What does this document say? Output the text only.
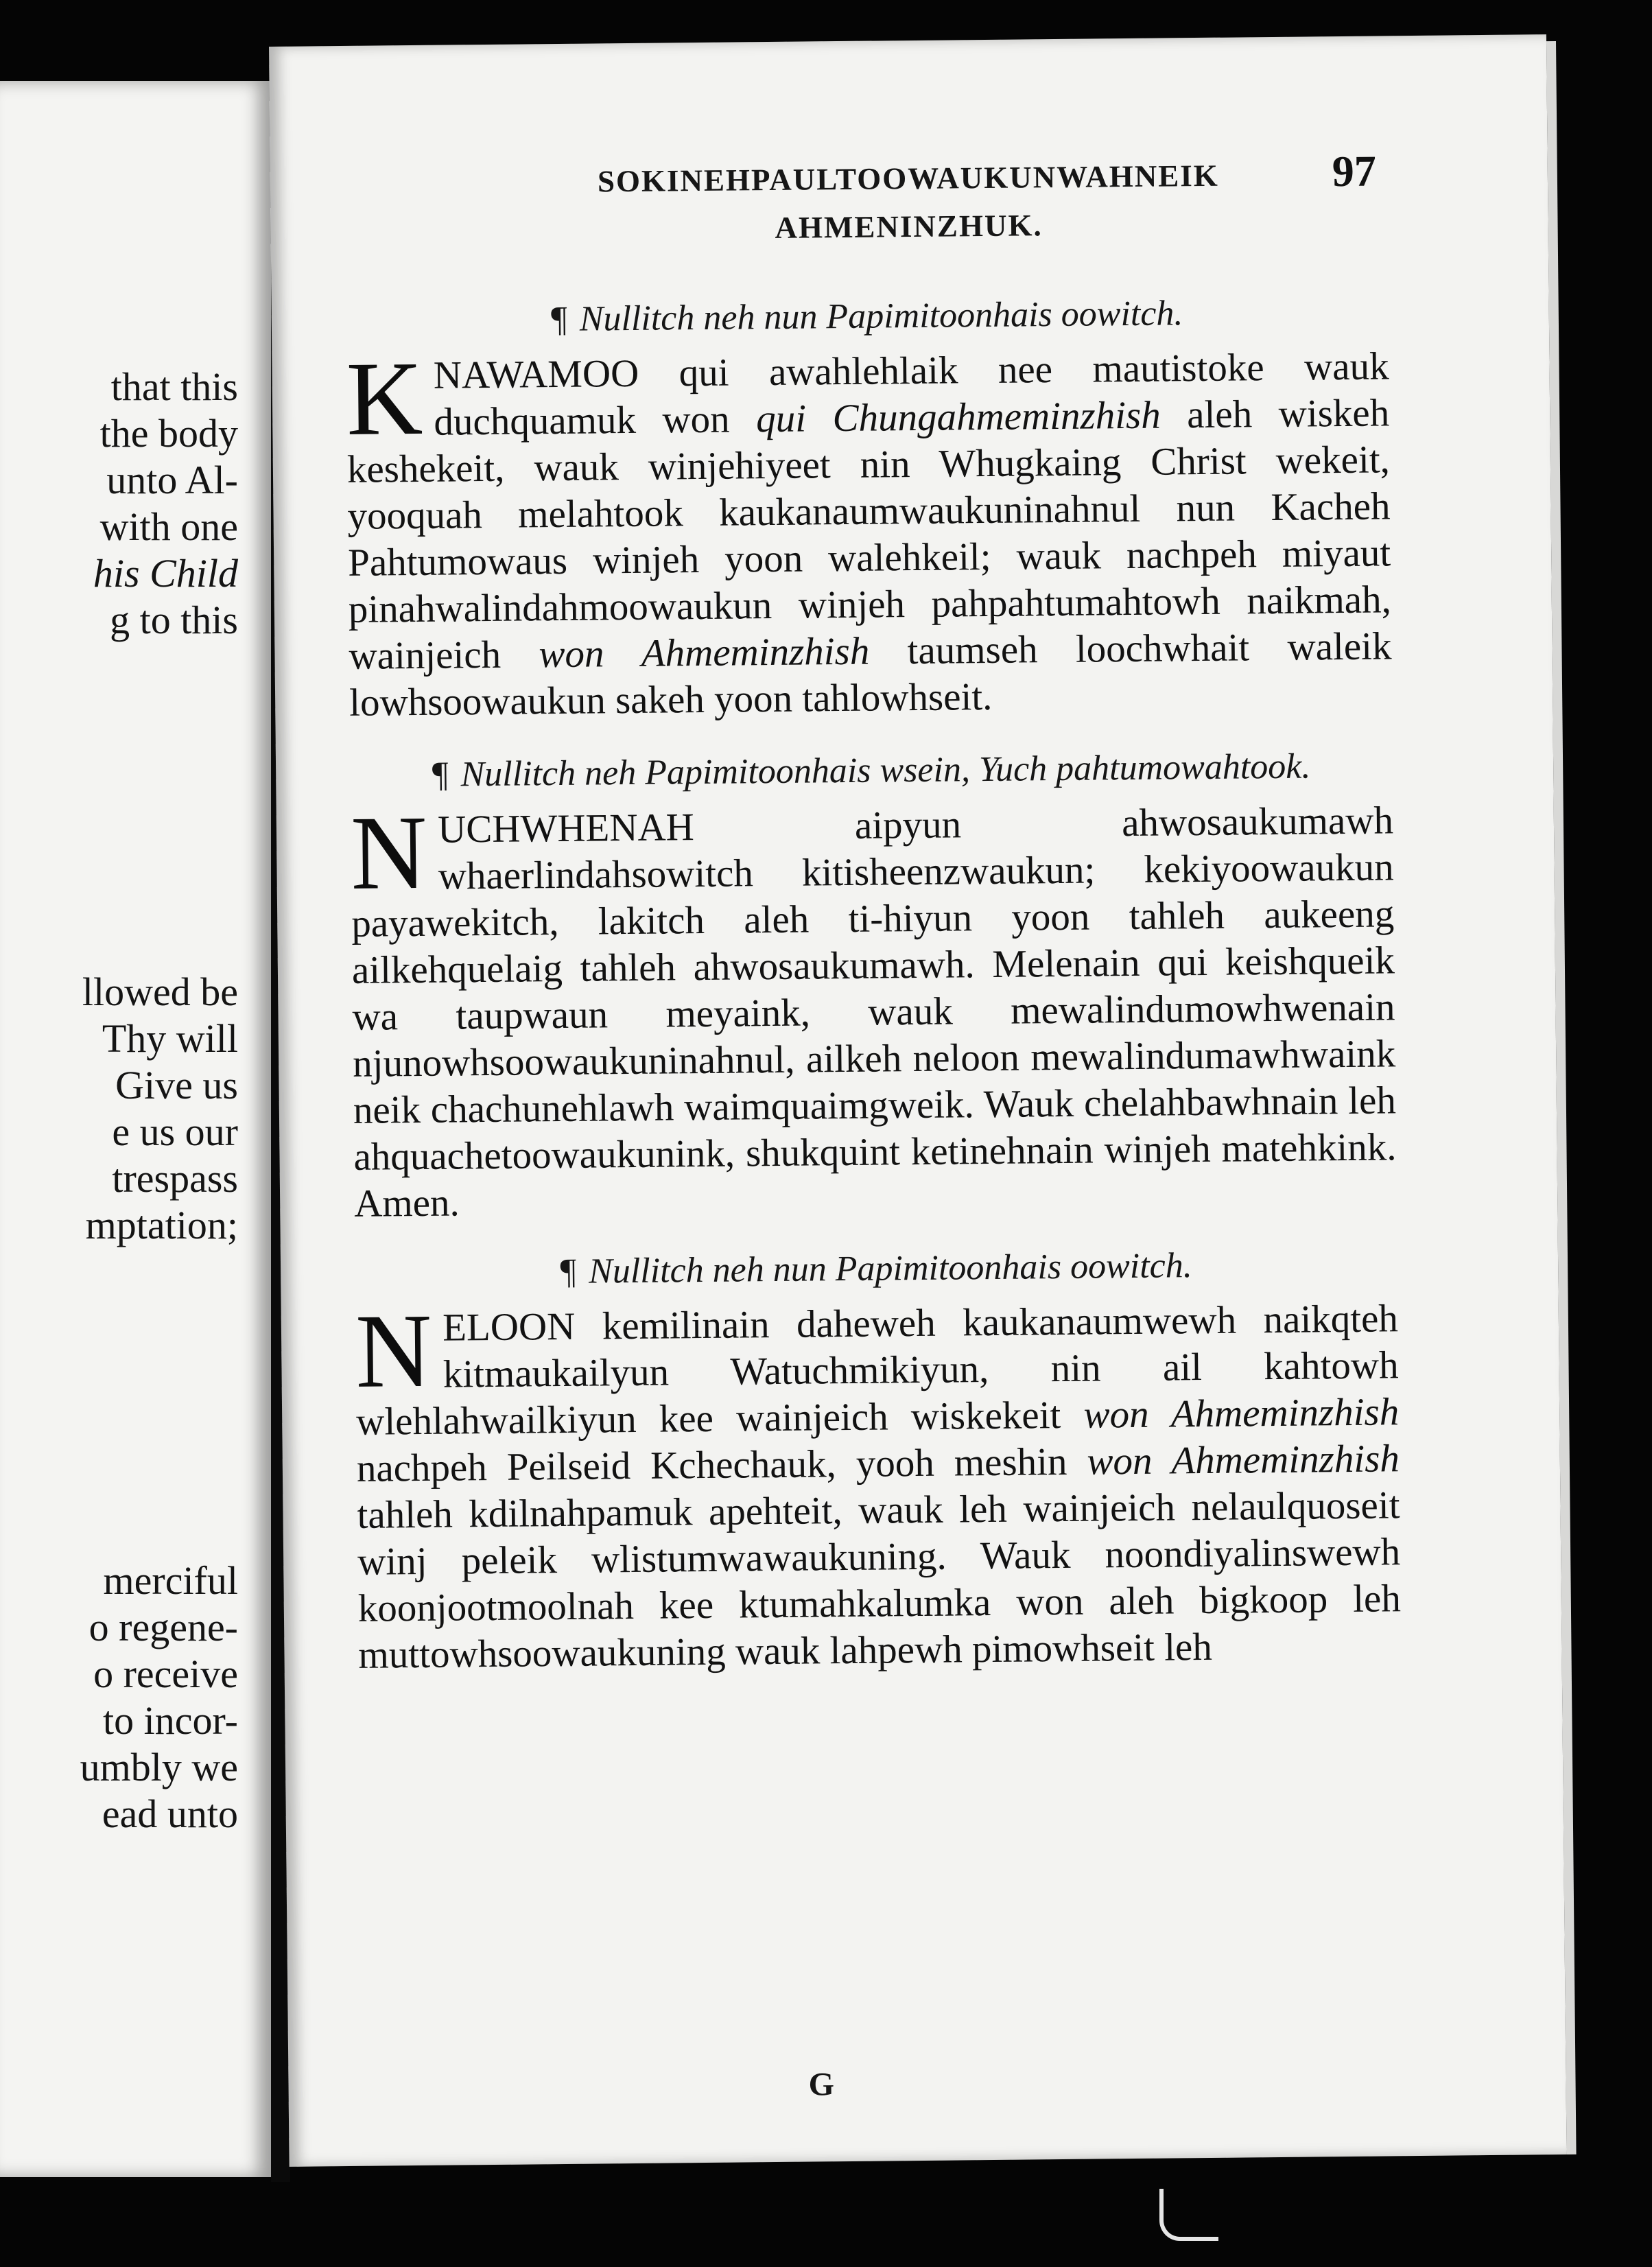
that this
the body
unto Al-
with one
his Child
g to this
llowed be
Thy will
Give us
e us our
trespass
mptation;
merciful
o regene-
o receive
to incor-
umbly we
ead unto
SOKINEHPAULTOOWAUKUNWAHNEIK
AHMENINZHUK.
97
¶ Nullitch neh nun Papimitoonhais oowitch.

KNAWAMOO qui awahlehlaik nee mautistoke wauk duchquamuk won qui Chungahmeminzhish aleh wiskeh keshekeit, wauk winjehiyeet nin Whugkaing Christ wekeit, yooquah melahtook kaukanaumwaukuninahnul nun Kacheh Pahtumowaus winjeh yoon walehkeil; wauk nachpeh miyaut pinahwalindahmoowaukun winjeh pahpahtumahtowh naikmah, wainjeich won Ahmeminzhish taumseh loochwhait waleik lowhsoowaukun sakeh yoon tahlowhseit.

¶ Nullitch neh Papimitoonhais wsein, Yuch pahtumowahtook.

NUCHWHENAH aipyun ahwosaukumawh whaerlindahsowitch kitisheenzwaukun; kekiyoowaukun payawekitch, lakitch aleh ti-hiyun yoon tahleh aukeeng ailkehquelaig tahleh ahwosaukumawh. Melenain qui keishqueik wa taupwaun meyaink, wauk mewalindumowhwenain njunowhsoowaukuninahnul, ailkeh neloon mewalindumawhwaink neik chachunehlawh waimquaimgweik. Wauk chelahbawhnain leh ahquachetoowaukunink, shukquint ketinehnain winjeh matehkink. Amen.

¶ Nullitch neh nun Papimitoonhais oowitch.

NELOON kemilinain daheweh kaukanaumwewh naikqteh kitmaukailyun Watuchmikiyun, nin ail kahtowh wlehlahwailkiyun kee wainjeich wiskekeit won Ahmeminzhish nachpeh Peilseid Kchechauk, yooh meshin won Ahmeminzhish tahleh kdilnahpamuk apehteit, wauk leh wainjeich nelaulquoseit winj peleik wlistumwawaukuning. Wauk noondiyalinswewh koonjootmoolnah kee ktumahkalumka won aleh bigkoop leh muttowhsoowaukuning wauk lahpewh pimowhseit leh

G
